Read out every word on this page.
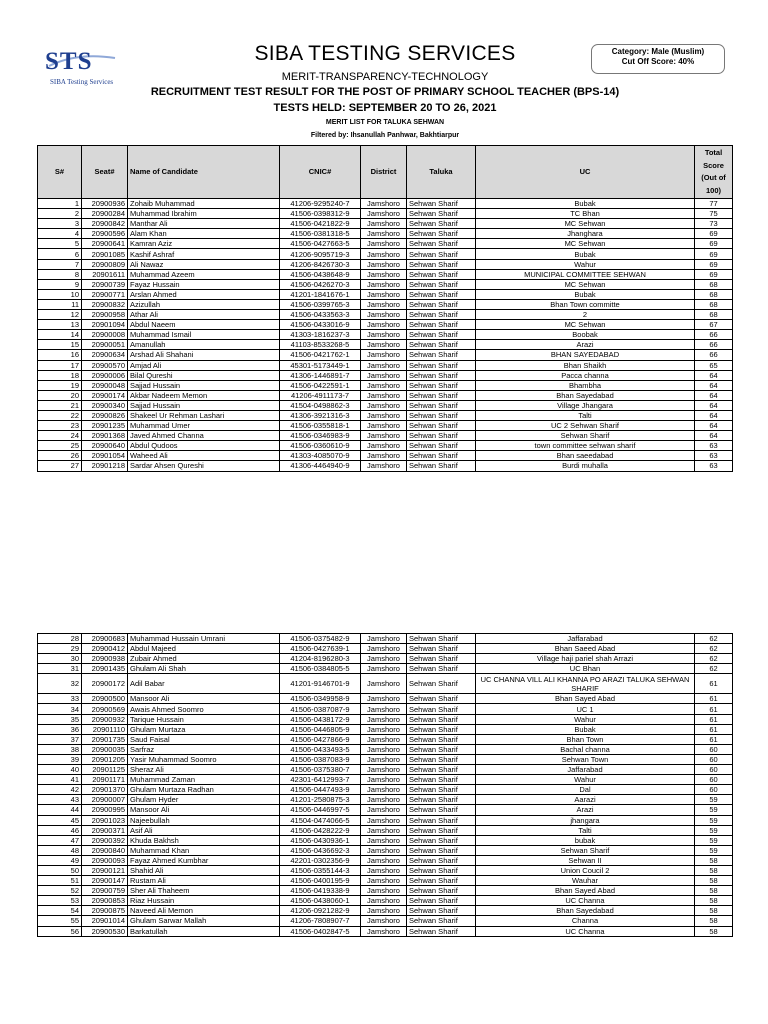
STS
SIBA Testing Services
SIBA TESTING SERVICES
MERIT-TRANSPARENCY-TECHNOLOGY
RECRUITMENT TEST RESULT FOR THE POST OF PRIMARY SCHOOL TEACHER (BPS-14)
TESTS HELD: SEPTEMBER 20 TO 26, 2021
MERIT LIST FOR TALUKA SEHWAN
Filtered by: Ihsanullah Panhwar, Bakhtiarpur
Category: Male (Muslim)
Cut Off Score: 40%
S#	Seat#	Name of Candidate	CNIC#	District	Taluka	UC	Total Score (Out of 100)
1	20900936	Zohaib Muhammad	41206-9295240-7	Jamshoro	Sehwan Sharif	Bubak	77
2	20900284	Muhammad Ibrahim	41506-0398312-9	Jamshoro	Sehwan Sharif	TC Bhan	75
3	20900842	Manthar Ali	41506-0421822-9	Jamshoro	Sehwan Sharif	MC Sehwan	73
4	20900596	Alam Khan	41506-0381318-5	Jamshoro	Sehwan Sharif	Jhanghara	69
5	20900641	Kamran Aziz	41506-0427663-5	Jamshoro	Sehwan Sharif	MC Sehwan	69
6	20901085	Kashif Ashraf	41206-9095719-3	Jamshoro	Sehwan Sharif	Bubak	69
7	20900809	Ali Nawaz	41206-8426730-3	Jamshoro	Sehwan Sharif	Wahur	69
8	20901611	Muhammad Azeem	41506-0438648-9	Jamshoro	Sehwan Sharif	MUNICIPAL COMMITTEE SEHWAN	69
9	20900739	Fayaz Hussain	41506-0426270-3	Jamshoro	Sehwan Sharif	MC Sehwan	68
10	20900771	Arslan Ahmed	41201-1841676-1	Jamshoro	Sehwan Sharif	Bubak	68
11	20900832	Azizullah	41506-0399765-3	Jamshoro	Sehwan Sharif	Bhan Town committe	68
12	20900958	Athar Ali	41506-0433563-3	Jamshoro	Sehwan Sharif	2	68
13	20901094	Abdul Naeem	41506-0433016-9	Jamshoro	Sehwan Sharif	MC Sehwan	67
14	20900008	Muhammad Ismail	41303-1816237-3	Jamshoro	Sehwan Sharif	Boobak	66
15	20900051	Amanullah	41103-8533268-5	Jamshoro	Sehwan Sharif	Arazi	66
16	20900634	Arshad Ali Shahani	41506-0421762-1	Jamshoro	Sehwan Sharif	BHAN SAYEDABAD	66
17	20900570	Amjad Ali	45301-5173449-1	Jamshoro	Sehwan Sharif	Bhan Shaikh	65
18	20900006	Bilal Qureshi	41306-1446891-7	Jamshoro	Sehwan Sharif	Pacca channa	64
19	20900048	Sajjad Hussain	41506-0422591-1	Jamshoro	Sehwan Sharif	Bhambha	64
20	20900174	Akbar Nadeem Memon	41206-4911173-7	Jamshoro	Sehwan Sharif	Bhan Sayedabad	64
21	20900340	Sajjad Hussain	41504-0498862-3	Jamshoro	Sehwan Sharif	Village Jhangara	64
22	20900826	Shakeel Ur Rehman Lashari	41306-3921316-3	Jamshoro	Sehwan Sharif	Talti	64
23	20901235	Muhammad Umer	41506-0355818-1	Jamshoro	Sehwan Sharif	UC 2 Sehwan Sharif	64
24	20901368	Javed Ahmed Channa	41506-0346983-9	Jamshoro	Sehwan Sharif	Sehwan Sharif	64
25	20900640	Abdul Qudoos	41506-0360610-9	Jamshoro	Sehwan Sharif	town committee sehwan sharif	63
26	20901054	Waheed Ali	41303-4085070-9	Jamshoro	Sehwan Sharif	Bhan saeedabad	63
27	20901218	Sardar Ahsen Qureshi	41306-4464940-9	Jamshoro	Sehwan Sharif	Burdi muhalla	63
28	20900683	Muhammad Hussain Umrani	41506-0375482-9	Jamshoro	Sehwan Sharif	Jaffarabad	62
29	20900412	Abdul Majeed	41506-0427639-1	Jamshoro	Sehwan Sharif	Bhan Saeed Abad	62
30	20900938	Zubair Ahmed	41204-8196280-3	Jamshoro	Sehwan Sharif	Village haji pariel shah Arrazi	62
31	20901435	Ghulam Ali Shah	41506-0384805-5	Jamshoro	Sehwan Sharif	UC Bhan	62
32	20900172	Adil Babar	41201-9146701-9	Jamshoro	Sehwan Sharif	UC CHANNA VILL ALI KHANNA PO ARAZI TALUKA SEHWAN SHARIF	61
33	20900500	Mansoor Ali	41506-0349958-9	Jamshoro	Sehwan Sharif	Bhan Sayed Abad	61
34	20900569	Awais Ahmed Soomro	41506-0387087-9	Jamshoro	Sehwan Sharif	UC 1	61
35	20900932	Tarique Hussain	41506-0438172-9	Jamshoro	Sehwan Sharif	Wahur	61
36	20901110	Ghulam Murtaza	41506-0446805-9	Jamshoro	Sehwan Sharif	Bubak	61
37	20901735	Saud Faisal	41506-0427866-9	Jamshoro	Sehwan Sharif	Bhan Town	61
38	20900035	Sarfraz	41506-0433493-5	Jamshoro	Sehwan Sharif	Bachal channa	60
39	20901205	Yasir Muhammad Soomro	41506-0387083-9	Jamshoro	Sehwan Sharif	Sehwan Town	60
40	20901125	Sheraz Ali	41506-0375380-7	Jamshoro	Sehwan Sharif	Jaffarabad	60
41	20901171	Muhammad Zaman	42301-6412993-7	Jamshoro	Sehwan Sharif	Wahur	60
42	20901370	Ghulam Murtaza Radhan	41506-0447493-9	Jamshoro	Sehwan Sharif	Dal	60
43	20900007	Ghulam Hyder	41201-2580875-3	Jamshoro	Sehwan Sharif	Aarazi	59
44	20900995	Mansoor Ali	41506-0446997-5	Jamshoro	Sehwan Sharif	Arazi	59
45	20901023	Najeebullah	41504-0474066-5	Jamshoro	Sehwan Sharif	jhangara	59
46	20900371	Asif Ali	41506-0428222-9	Jamshoro	Sehwan Sharif	Talti	59
47	20900392	Khuda Bakhsh	41506-0430936-1	Jamshoro	Sehwan Sharif	bubak	59
48	20900840	Muhammad Khan	41506-0436692-3	Jamshoro	Sehwan Sharif	Sehwan Sharif	59
49	20900093	Fayaz Ahmed Kumbhar	42201-0302356-9	Jamshoro	Sehwan Sharif	Sehwan II	58
50	20900121	Shahid Ali	41506-0355144-3	Jamshoro	Sehwan Sharif	Union Coucil 2	58
51	20900147	Rustam Ali	41506-0400195-9	Jamshoro	Sehwan Sharif	Wauhar	58
52	20900759	Sher Ali Thaheem	41506-0419338-9	Jamshoro	Sehwan Sharif	Bhan Sayed Abad	58
53	20900853	Riaz Hussain	41506-0438060-1	Jamshoro	Sehwan Sharif	UC Channa	58
54	20900875	Naveed Ali Memon	41206-0921282-9	Jamshoro	Sehwan Sharif	Bhan Sayedabad	58
55	20901014	Ghulam Sarwar Mallah	41206-7808907-7	Jamshoro	Sehwan Sharif	Channa	58
56	20900530	Barkatullah	41506-0402847-5	Jamshoro	Sehwan Sharif	UC Channa	58
